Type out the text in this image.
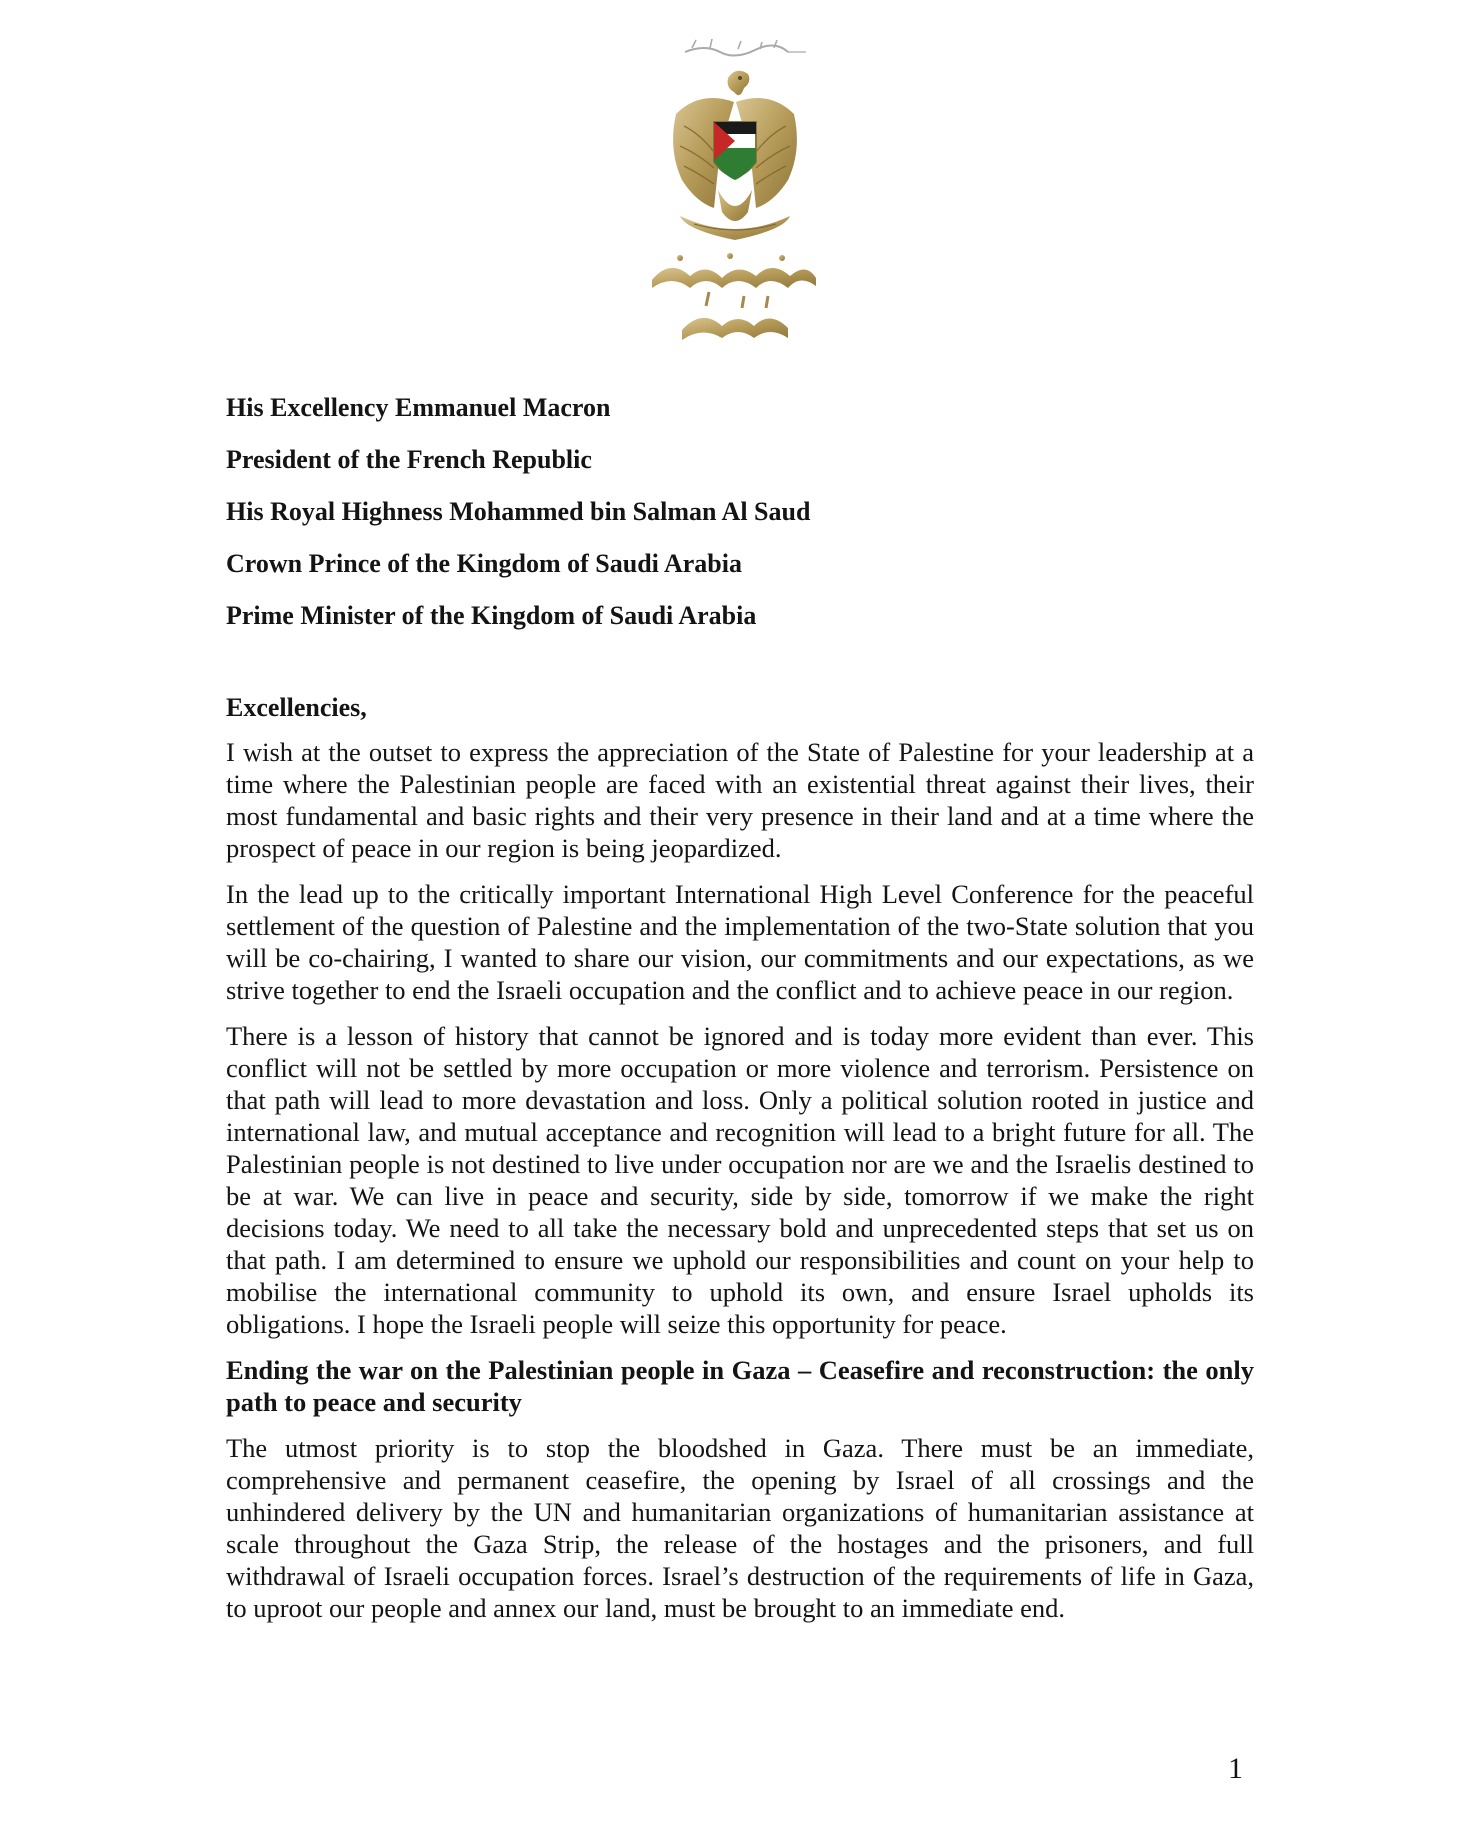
His Excellency Emmanuel Macron

President of the French Republic

His Royal Highness Mohammed bin Salman Al Saud

Crown Prince of the Kingdom of Saudi Arabia

Prime Minister of the Kingdom of Saudi Arabia

Excellencies,

I wish at the outset to express the appreciation of the State of Palestine for your leadership at a time where the Palestinian people are faced with an existential threat against their lives, their most fundamental and basic rights and their very presence in their land and at a time where the prospect of peace in our region is being jeopardized.

In the lead up to the critically important International High Level Conference for the peaceful settlement of the question of Palestine and the implementation of the two-State solution that you will be co-chairing, I wanted to share our vision, our commitments and our expectations, as we strive together to end the Israeli occupation and the conflict and to achieve peace in our region.

There is a lesson of history that cannot be ignored and is today more evident than ever. This conflict will not be settled by more occupation or more violence and terrorism. Persistence on that path will lead to more devastation and loss. Only a political solution rooted in justice and international law, and mutual acceptance and recognition will lead to a bright future for all. The Palestinian people is not destined to live under occupation nor are we and the Israelis destined to be at war. We can live in peace and security, side by side, tomorrow if we make the right decisions today. We need to all take the necessary bold and unprecedented steps that set us on that path. I am determined to ensure we uphold our responsibilities and count on your help to mobilise the international community to uphold its own, and ensure Israel upholds its obligations. I hope the Israeli people will seize this opportunity for peace.

Ending the war on the Palestinian people in Gaza – Ceasefire and reconstruction: the only path to peace and security

The utmost priority is to stop the bloodshed in Gaza. There must be an immediate, comprehensive and permanent ceasefire, the opening by Israel of all crossings and the unhindered delivery by the UN and humanitarian organizations of humanitarian assistance at scale throughout the Gaza Strip, the release of the hostages and the prisoners, and full withdrawal of Israeli occupation forces. Israel’s destruction of the requirements of life in Gaza, to uproot our people and annex our land, must be brought to an immediate end.

1
